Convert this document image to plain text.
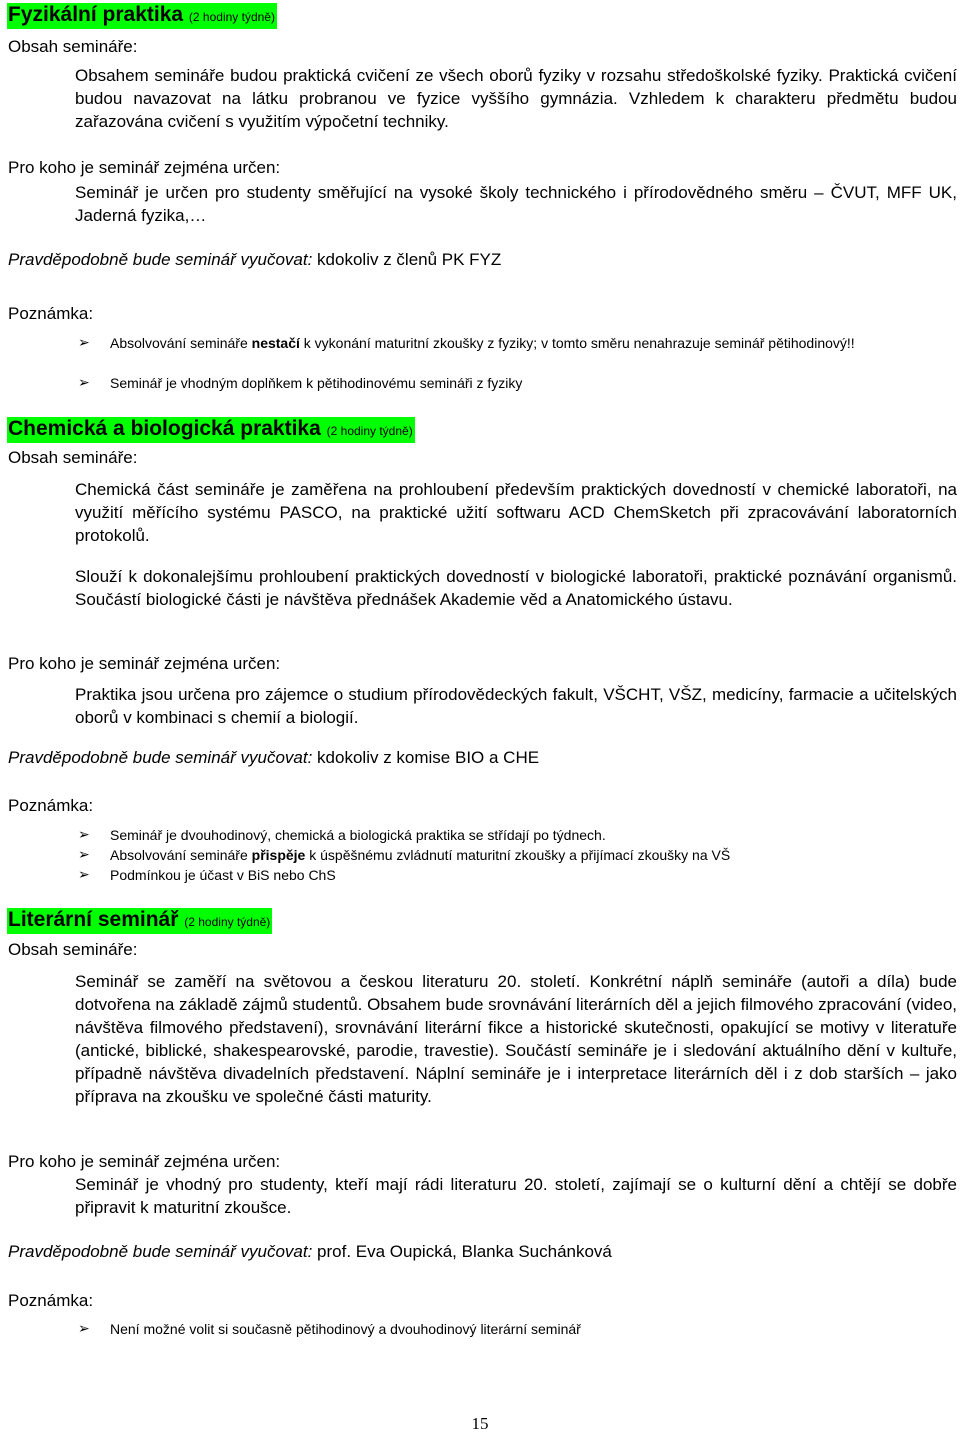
Fyzikální praktika (2 hodiny týdně)
Obsah semináře:

Obsahem semináře budou praktická cvičení ze všech oborů fyziky v rozsahu středoškolské fyziky. Praktická cvičení budou navazovat na látku probranou ve fyzice vyššího gymnázia. Vzhledem k charakteru předmětu budou zařazována cvičení s využitím výpočetní techniky.

Pro koho je seminář zejména určen:

Seminář je určen pro studenty směřující na vysoké školy technického i přírodovědného směru – ČVUT, MFF UK, Jaderná fyzika,…

Pravděpodobně bude seminář vyučovat: kdokoliv z členů PK FYZ
Poznámka:
➢ Absolvování semináře nestačí k vykonání maturitní zkoušky z fyziky; v tomto směru nenahrazuje seminář pětihodinový!!
➢ Seminář je vhodným doplňkem k pětihodinovému semináři z fyziky
Chemická a biologická praktika (2 hodiny týdně)
Obsah semináře:

Chemická část semináře je zaměřena na prohloubení především praktických dovedností v chemické laboratoři, na využití měřícího systému PASCO, na praktické užití softwaru ACD ChemSketch při zpracovávání laboratorních protokolů.

Slouží k dokonalejšímu prohloubení praktických dovedností v biologické laboratoři, praktické poznávání organismů. Součástí biologické části je návštěva přednášek Akademie věd a Anatomického ústavu.

Pro koho je seminář zejména určen:

Praktika jsou určena pro zájemce o studium přírodovědeckých fakult, VŠCHT, VŠZ, medicíny, farmacie a učitelských oborů v kombinaci s chemií a biologií.

Pravděpodobně bude seminář vyučovat: kdokoliv z komise BIO a CHE
Poznámka:
➢ Seminář je dvouhodinový, chemická a biologická praktika se střídají po týdnech.
➢ Absolvování semináře přispěje k úspěšnému zvládnutí maturitní zkoušky a přijímací zkoušky na VŠ
➢ Podmínkou je účast v BiS nebo ChS
Literární seminář (2 hodiny týdně)
Obsah semináře:

Seminář se zaměří na světovou a českou literaturu 20. století. Konkrétní náplň semináře (autoři a díla) bude dotvořena na základě zájmů studentů. Obsahem bude srovnávání literárních děl a jejich filmového zpracování (video, návštěva filmového představení), srovnávání literární fikce a historické skutečnosti, opakující se motivy v literatuře (antické, biblické, shakespearovské, parodie, travestie). Součástí semináře je i sledování aktuálního dění v kultuře, případně návštěva divadelních představení. Náplní semináře je i interpretace literárních děl i z dob starších – jako příprava na zkoušku ve společné části maturity.

Pro koho je seminář zejména určen:

Seminář je vhodný pro studenty, kteří mají rádi literaturu 20. století, zajímají se o kulturní dění a chtějí se dobře připravit k maturitní zkoušce.

Pravděpodobně bude seminář vyučovat: prof. Eva Oupická, Blanka Suchánková
Poznámka:
➢ Není možné volit si současně pětihodinový a dvouhodinový literární seminář
15
